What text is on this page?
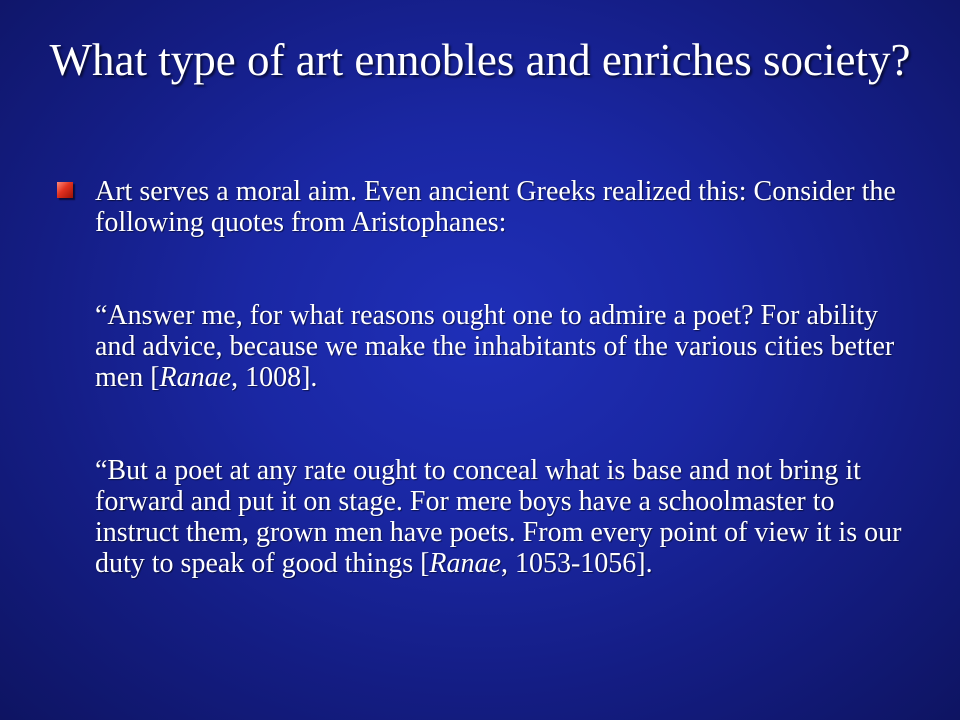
What type of art ennobles and enriches society?

Art serves a moral aim. Even ancient Greeks realized this: Consider the following quotes from Aristophanes:

“Answer me, for what reasons ought one to admire a poet? For ability and advice, because we make the inhabitants of the various cities better men [Ranae, 1008].

“But a poet at any rate ought to conceal what is base and not bring it forward and put it on stage. For mere boys have a schoolmaster to instruct them, grown men have poets. From every point of view it is our duty to speak of good things [Ranae, 1053-1056].
